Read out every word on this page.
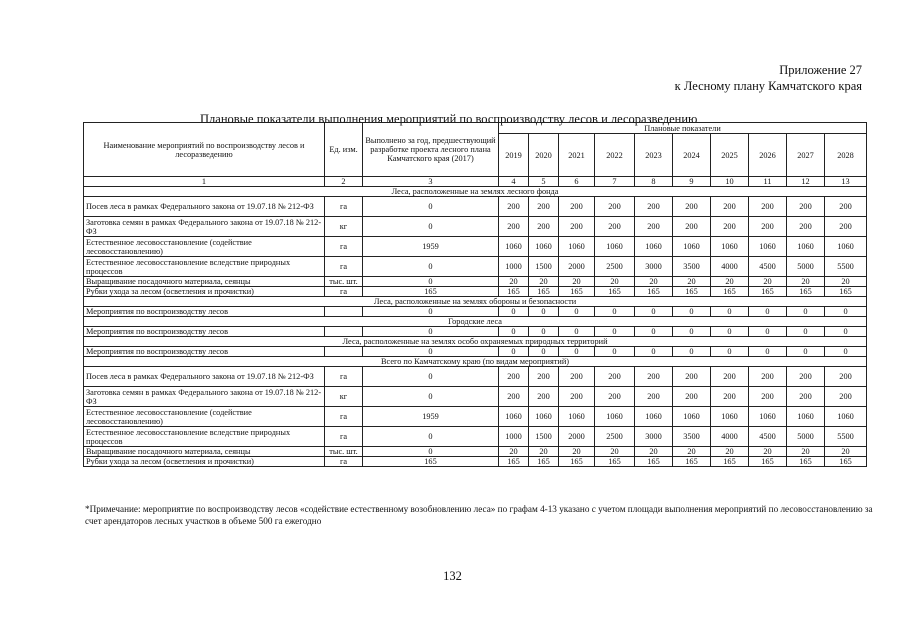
Приложение 27
к Лесному плану Камчатского края
Плановые показатели выполнения мероприятий по воспроизводству лесов и лесоразведению
Наименование мероприятий по воспроизводству лесов и лесоразведению	Ед. изм.	Выполнено за год, предшествующий разработке проекта лесного плана Камчатского края (2017)	Плановые показатели									
			2019	2020	2021	2022	2023	2024	2025	2026	2027	2028
1	2	3	4	5	6	7	8	9	10	11	12	13
Леса, расположенные на землях лесного фонда												
Посев леса в рамках Федерального закона от 19.07.18 № 212-ФЗ	га	0	200	200	200	200	200	200	200	200	200	200
Заготовка семян в рамках Федерального закона от 19.07.18 № 212-ФЗ	кг	0	200	200	200	200	200	200	200	200	200	200
Естественное лесовосстановление (содействие лесовосстановлению)	га	1959	1060	1060	1060	1060	1060	1060	1060	1060	1060	1060
Естественное лесовосстановление вследствие природных процессов	га	0	1000	1500	2000	2500	3000	3500	4000	4500	5000	5500
Выращивание посадочного материала, сеянцы	тыс. шт.	0	20	20	20	20	20	20	20	20	20	20
Рубки ухода за лесом (осветления и прочистки)	га	165	165	165	165	165	165	165	165	165	165	165
Леса, расположенные на землях обороны и безопасности												
Мероприятия по воспроизводству лесов		0	0	0	0	0	0	0	0	0	0	0
Городские леса												
Мероприятия по воспроизводству лесов		0	0	0	0	0	0	0	0	0	0	0
Леса, расположенные на землях особо охраняемых природных территорий												
Мероприятия по воспроизводству лесов		0	0	0	0	0	0	0	0	0	0	0
Всего по Камчатскому краю (по видам мероприятий)												
Посев леса в рамках Федерального закона от 19.07.18 № 212-ФЗ	га	0	200	200	200	200	200	200	200	200	200	200
Заготовка семян в рамках Федерального закона от 19.07.18 № 212-ФЗ	кг	0	200	200	200	200	200	200	200	200	200	200
Естественное лесовосстановление (содействие лесовосстановлению)	га	1959	1060	1060	1060	1060	1060	1060	1060	1060	1060	1060
Естественное лесовосстановление вследствие природных процессов	га	0	1000	1500	2000	2500	3000	3500	4000	4500	5000	5500
Выращивание посадочного материала, сеянцы	тыс. шт.	0	20	20	20	20	20	20	20	20	20	20
Рубки ухода за лесом (осветления и прочистки)	га	165	165	165	165	165	165	165	165	165	165	165
*Примечание: мероприятие по воспроизводству лесов «содействие естественному возобновлению леса» по графам 4-13 указано с учетом площади выполнения мероприятий по лесовосстановлению за счет арендаторов лесных участков в объеме 500 га ежегодно
132
